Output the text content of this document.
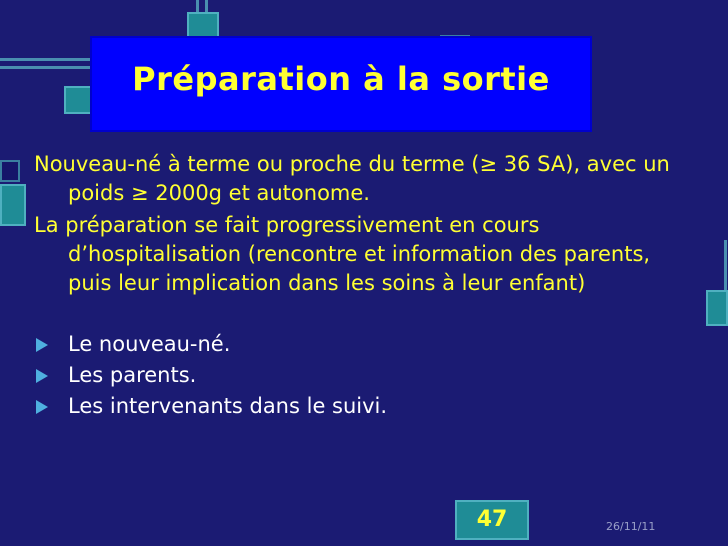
Préparation à la sortie

Nouveau-né à terme ou proche du terme (≥ 36 SA), avec un poids ≥ 2000g et autonome.

La préparation se fait progressivement en cours d’hospitalisation (rencontre et information des parents, puis leur implication dans les soins à leur enfant)

Le nouveau-né.
Les parents.
Les intervenants dans le suivi.
47	26/11/11
